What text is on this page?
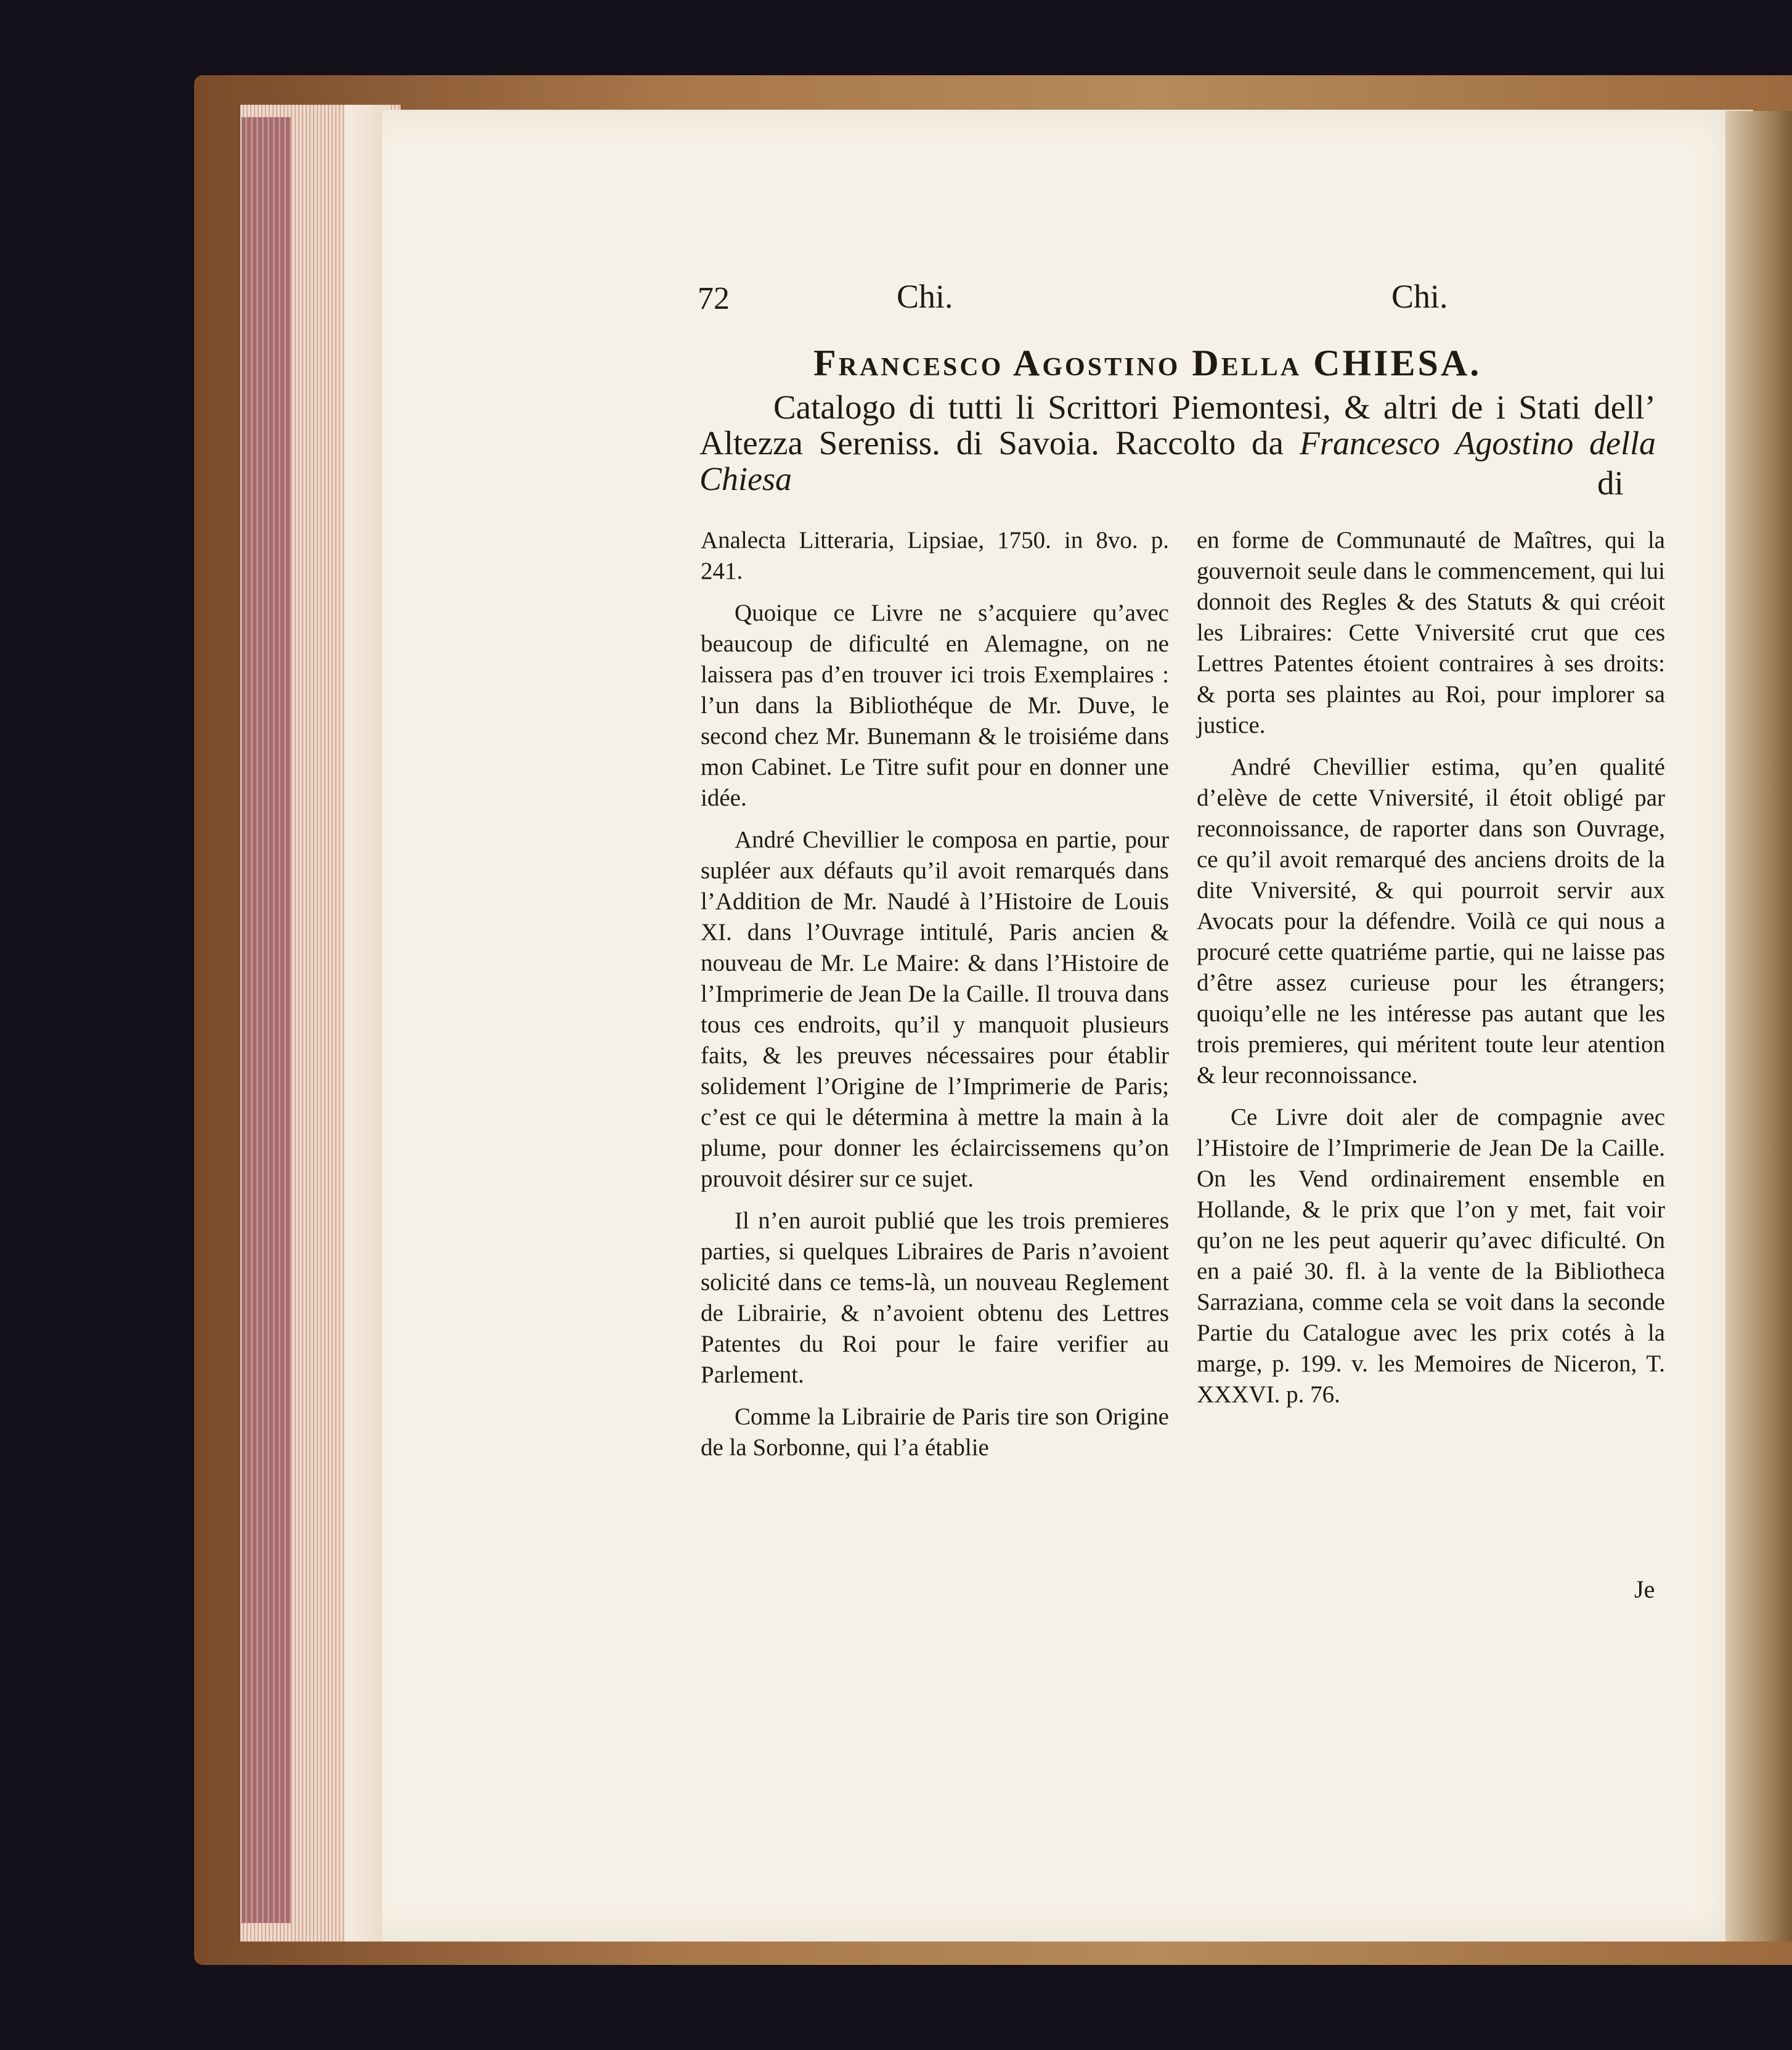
72	Chi.	Chi.
Francesco Agostino Della CHIESA.

Catalogo di tutti li Scrittori Piemontesi, & altri de i Stati dell’ Altezza Sereniss. di Savoia. Raccolto da Francesco Agostino della Chiesa	di

Analecta Litteraria, Lipsiae, 1750. in 8vo. p. 241.

Quoique ce Livre ne s’acquiere qu’avec beaucoup de dificulté en Alemagne, on ne laissera pas d’en trouver ici trois Exemplaires : l’un dans la Bibliothéque de Mr. Duve, le second chez Mr. Bunemann & le troisiéme dans mon Cabinet. Le Titre sufit pour en donner une idée.

André Chevillier le composa en partie, pour supléer aux défauts qu’il avoit remarqués dans l’Addition de Mr. Naudé à l’Histoire de Louis XI. dans l’Ouvrage intitulé, Paris ancien & nouveau de Mr. Le Maire: & dans l’Histoire de l’Imprimerie de Jean De la Caille. Il trouva dans tous ces endroits, qu’il y manquoit plusieurs faits, & les preuves nécessaires pour établir solidement l’Origine de l’Imprimerie de Paris; c’est ce qui le détermina à mettre la main à la plume, pour donner les éclaircissemens qu’on prouvoit désirer sur ce sujet.

Il n’en auroit publié que les trois premieres parties, si quelques Libraires de Paris n’avoient solicité dans ce tems-là, un nouveau Reglement de Librairie, & n’avoient obtenu des Lettres Patentes du Roi pour le faire verifier au Parlement.

Comme la Librairie de Paris tire son Origine de la Sorbonne, qui l’a établie

en forme de Communauté de Maîtres, qui la gouvernoit seule dans le commencement, qui lui donnoit des Regles & des Statuts & qui créoit les Libraires: Cette Vniversité crut que ces Lettres Patentes étoient contraires à ses droits: & porta ses plaintes au Roi, pour implorer sa justice.

André Chevillier estima, qu’en qualité d’elève de cette Vniversité, il étoit obligé par reconnoissance, de raporter dans son Ouvrage, ce qu’il avoit remarqué des anciens droits de la dite Vniversité, & qui pourroit servir aux Avocats pour la défendre. Voilà ce qui nous a procuré cette quatriéme partie, qui ne laisse pas d’être assez curieuse pour les étrangers; quoiqu’elle ne les intéresse pas autant que les trois premieres, qui méritent toute leur atention & leur reconnoissance.

Ce Livre doit aler de compagnie avec l’Histoire de l’Imprimerie de Jean De la Caille. On les Vend ordinairement ensemble en Hollande, & le prix que l’on y met, fait voir qu’on ne les peut aquerir qu’avec dificulté. On en a paié 30. fl. à la vente de la Bibliotheca Sarraziana, comme cela se voit dans la seconde Partie du Catalogue avec les prix cotés à la marge, p. 199. v. les Memoires de Niceron, T. XXXVI. p. 76.

Je
